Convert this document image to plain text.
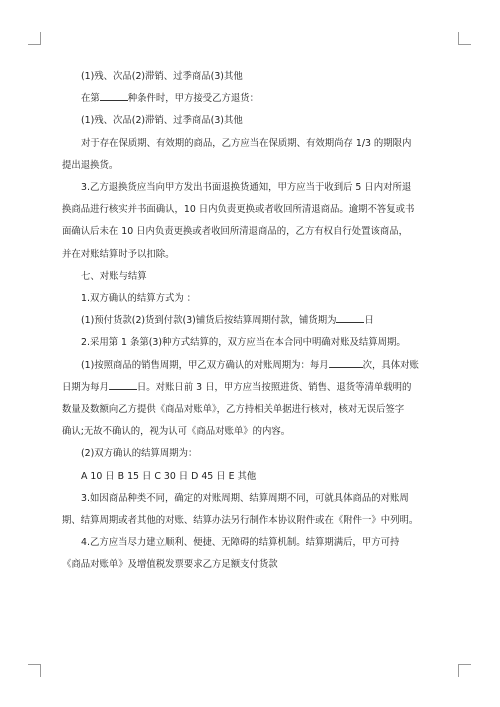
(1)残、次品(2)滞销、过季商品(3)其他

在第	种条件时，甲方接受乙方退货：

(1)残、次品(2)滞销、过季商品(3)其他

对于存在保质期、有效期的商品，乙方应当在保质期、有效期尚存 1/3 的期限内

提出退换货。

3.乙方退换货应当向甲方发出书面退换货通知，甲方应当于收到后 5 日内对所退

换商品进行核实并书面确认，10 日内负责更换或者收回所清退商品。逾期不答复或书

面确认后未在 10 日内负责更换或者收回所清退商品的，乙方有权自行处置该商品，

并在对账结算时予以扣除。

七、对账与结算

1.双方确认的结算方式为 ：

(1)预付货款(2)货到付款(3)铺货后按结算周期付款，铺货期为	日

2.采用第 1 条第(3)种方式结算的，双方应当在本合同中明确对账及结算周期。

(1)按照商品的销售周期，甲乙双方确认的对账周期为：每月	次，具体对账

日期为每月	日。对账日前 3 日，甲方应当按照进货、销售、退货等清单载明的

数量及数额向乙方提供《商品对账单》，乙方持相关单据进行核对，核对无误后签字

确认;无故不确认的，视为认可《商品对账单》的内容。

(2)双方确认的结算周期为：

A 10 日 B 15 日 C 30 日 D 45 日 E 其他

3.如因商品种类不同，确定的对账周期、结算周期不同，可就具体商品的对账周

期、结算周期或者其他的对账、结算办法另行制作本协议附件或在《附件一》中列明。

4.乙方应当尽力建立顺利、便捷、无障碍的结算机制。结算期满后，甲方可持

《商品对账单》及增值税发票要求乙方足额支付货款
